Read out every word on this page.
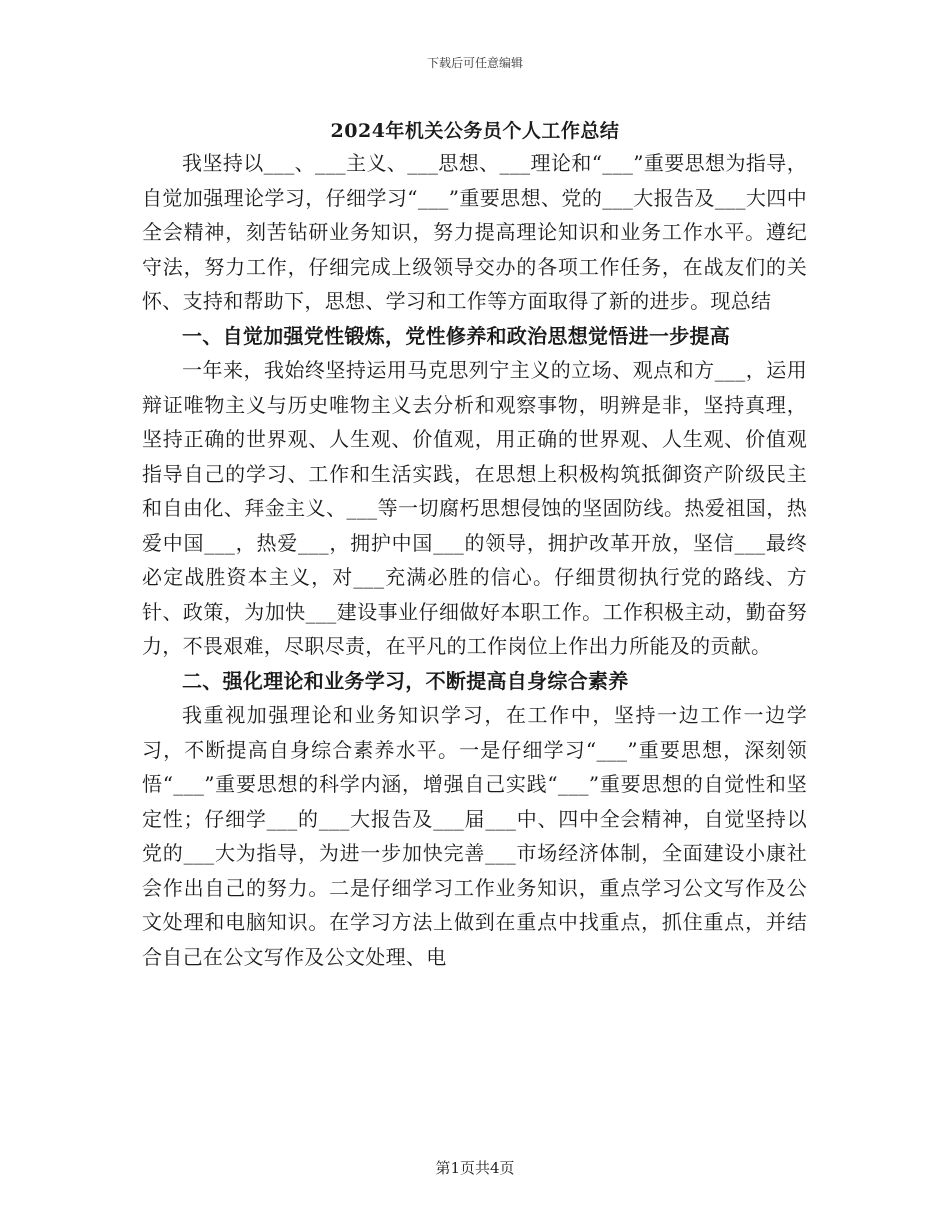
下载后可任意编辑
2024年机关公务员个人工作总结

我坚持以___、___主义、___思想、___理论和“___”重要思想为指导，自觉加强理论学习，仔细学习“___”重要思想、党的___大报告及___大四中全会精神，刻苦钻研业务知识，努力提高理论知识和业务工作水平。遵纪守法，努力工作，仔细完成上级领导交办的各项工作任务，在战友们的关怀、支持和帮助下，思想、学习和工作等方面取得了新的进步。现总结

一、自觉加强党性锻炼，党性修养和政治思想觉悟进一步提高

一年来，我始终坚持运用马克思列宁主义的立场、观点和方___，运用辩证唯物主义与历史唯物主义去分析和观察事物，明辨是非，坚持真理，坚持正确的世界观、人生观、价值观，用正确的世界观、人生观、价值观指导自己的学习、工作和生活实践，在思想上积极构筑抵御资产阶级民主和自由化、拜金主义、___等一切腐朽思想侵蚀的坚固防线。热爱祖国，热爱中国___，热爱___，拥护中国___的领导，拥护改革开放，坚信___最终必定战胜资本主义，对___充满必胜的信心。仔细贯彻执行党的路线、方针、政策，为加快___建设事业仔细做好本职工作。工作积极主动，勤奋努力，不畏艰难，尽职尽责，在平凡的工作岗位上作出力所能及的贡献。

二、强化理论和业务学习，不断提高自身综合素养

我重视加强理论和业务知识学习，在工作中，坚持一边工作一边学习，不断提高自身综合素养水平。一是仔细学习“___”重要思想，深刻领悟“___”重要思想的科学内涵，增强自己实践“___”重要思想的自觉性和坚定性；仔细学___的___大报告及___届___中、四中全会精神，自觉坚持以党的___大为指导，为进一步加快完善___市场经济体制，全面建设小康社会作出自己的努力。二是仔细学习工作业务知识，重点学习公文写作及公文处理和电脑知识。在学习方法上做到在重点中找重点，抓住重点，并结合自己在公文写作及公文处理、电

第1页共4页
